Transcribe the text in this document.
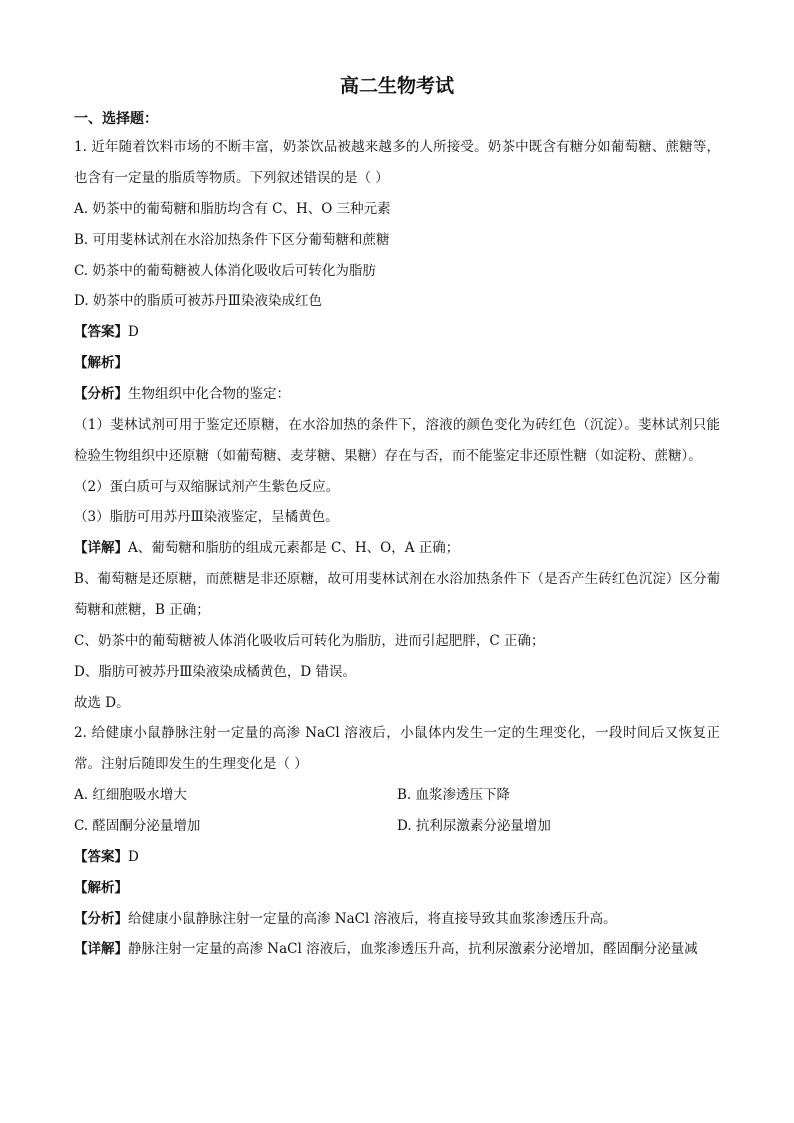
高二生物考试
一、选择题：

1. 近年随着饮料市场的不断丰富，奶茶饮品被越来越多的人所接受。奶茶中既含有糖分如葡萄糖、蔗糖等，也含有一定量的脂质等物质。下列叙述错误的是（ ）

A. 奶茶中的葡萄糖和脂肪均含有 C、H、O 三种元素

B. 可用斐林试剂在水浴加热条件下区分葡萄糖和蔗糖

C. 奶茶中的葡萄糖被人体消化吸收后可转化为脂肪

D. 奶茶中的脂质可被苏丹Ⅲ染液染成红色

【答案】D

【解析】

【分析】生物组织中化合物的鉴定：

（1）斐林试剂可用于鉴定还原糖，在水浴加热的条件下，溶液的颜色变化为砖红色（沉淀）。斐林试剂只能检验生物组织中还原糖（如葡萄糖、麦芽糖、果糖）存在与否，而不能鉴定非还原性糖（如淀粉、蔗糖）。

（2）蛋白质可与双缩脲试剂产生紫色反应。

（3）脂肪可用苏丹Ⅲ染液鉴定，呈橘黄色。

【详解】A、葡萄糖和脂肪的组成元素都是 C、H、O，A 正确；

B、葡萄糖是还原糖，而蔗糖是非还原糖，故可用斐林试剂在水浴加热条件下（是否产生砖红色沉淀）区分葡萄糖和蔗糖，B 正确；

C、奶茶中的葡萄糖被人体消化吸收后可转化为脂肪，进而引起肥胖，C 正确；

D、脂肪可被苏丹Ⅲ染液染成橘黄色，D 错误。

故选 D。

2. 给健康小鼠静脉注射一定量的高渗 NaCl 溶液后，小鼠体内发生一定的生理变化，一段时间后又恢复正常。注射后随即发生的生理变化是（ ）

A. 红细胞吸水增大	B. 血浆渗透压下降
C. 醛固酮分泌量增加	D. 抗利尿激素分泌量增加

【答案】D

【解析】

【分析】给健康小鼠静脉注射一定量的高渗 NaCl 溶液后，将直接导致其血浆渗透压升高。

【详解】静脉注射一定量的高渗 NaCl 溶液后，血浆渗透压升高，抗利尿激素分泌增加，醛固酮分泌量减
